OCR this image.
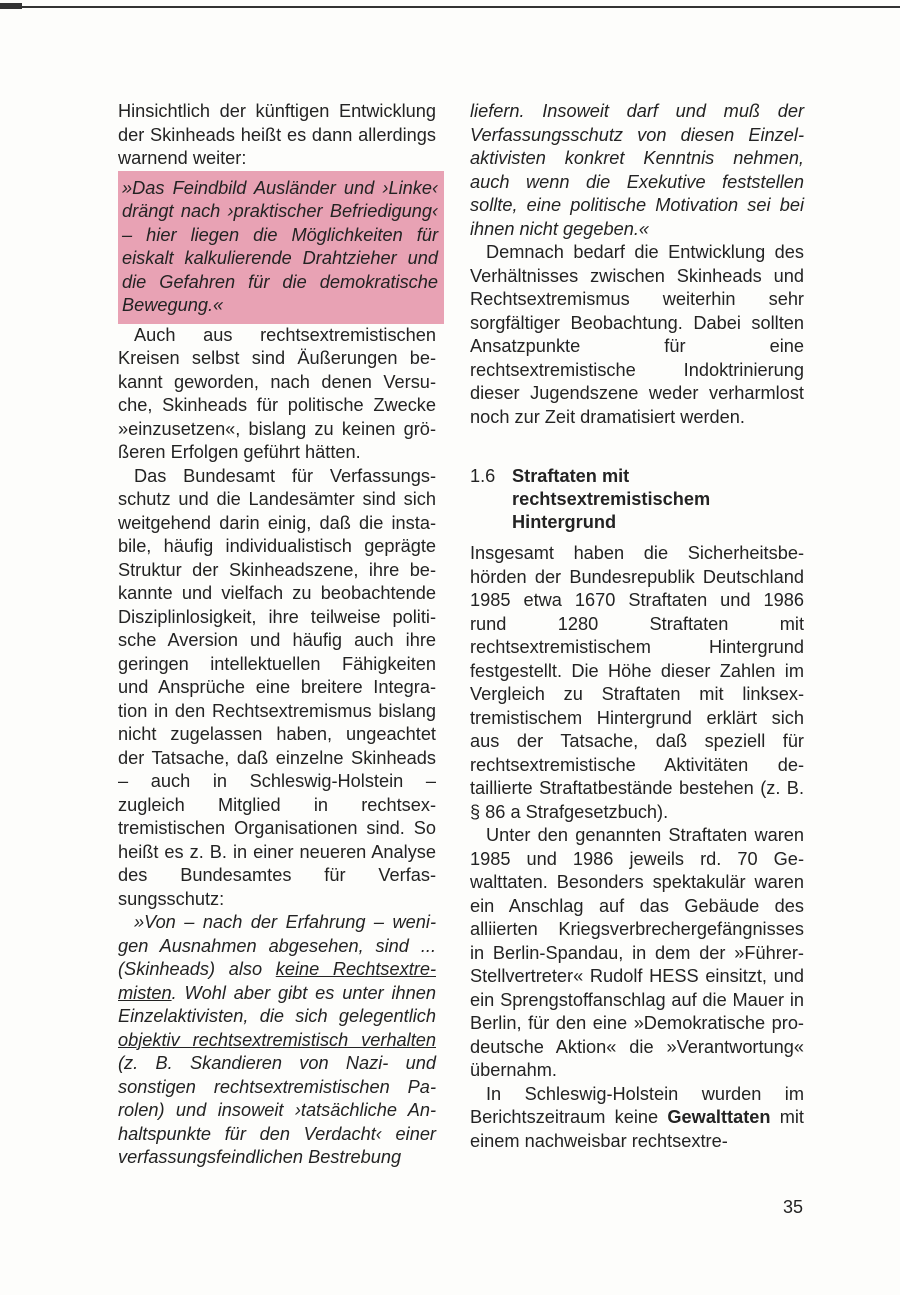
Hinsichtlich der künftigen Entwicklung der Skinheads heißt es dann allerdings warnend weiter:

»Das Feindbild Ausländer und ›Linke‹ drängt nach ›praktischer Befriedigung‹ – hier liegen die Möglichkeiten für eiskalt kalkulierende Drahtzieher und die Gefahren für die demokratische Bewegung.«

Auch aus rechtsextremistischen Kreisen selbst sind Äußerungen bekannt geworden, nach denen Versuche, Skinheads für politische Zwecke »einzusetzen«, bislang zu keinen größeren Erfolgen geführt hätten.

Das Bundesamt für Verfassungsschutz und die Landesämter sind sich weitgehend darin einig, daß die instabile, häufig individualistisch geprägte Struktur der Skinheadszene, ihre bekannte und vielfach zu beobachtende Disziplinlosigkeit, ihre teilweise politische Aversion und häufig auch ihre geringen intellektuellen Fähigkeiten und Ansprüche eine breitere Integration in den Rechtsextremismus bislang nicht zugelassen haben, ungeachtet der Tatsache, daß einzelne Skinheads – auch in Schleswig-Holstein – zugleich Mitglied in rechtsextremistischen Organisationen sind. So heißt es z. B. in einer neueren Analyse des Bundesamtes für Verfassungsschutz:

»Von – nach der Erfahrung – wenigen Ausnahmen abgesehen, sind ... (Skinheads) also keine Rechtsextremisten. Wohl aber gibt es unter ihnen Einzelaktivisten, die sich gelegentlich objektiv rechtsextremistisch verhalten (z. B. Skandieren von Nazi- und sonstigen rechtsextremistischen Parolen) und insoweit ›tatsächliche Anhaltspunkte für den Verdacht‹ einer verfassungsfeindlichen Bestrebung

liefern. Insoweit darf und muß der Verfassungsschutz von diesen Einzelaktivisten konkret Kenntnis nehmen, auch wenn die Exekutive feststellen sollte, eine politische Motivation sei bei ihnen nicht gegeben.«

Demnach bedarf die Entwicklung des Verhältnisses zwischen Skinheads und Rechtsextremismus weiterhin sehr sorgfältiger Beobachtung. Dabei sollten Ansatzpunkte für eine rechtsextremistische Indoktrinierung dieser Jugendszene weder verharmlost noch zur Zeit dramatisiert werden.

1.6 Straftaten mit
rechtsextremistischem
Hintergrund

Insgesamt haben die Sicherheitsbehörden der Bundesrepublik Deutschland 1985 etwa 1670 Straftaten und 1986 rund 1280 Straftaten mit rechtsextremistischem Hintergrund festgestellt. Die Höhe dieser Zahlen im Vergleich zu Straftaten mit linksextremistischem Hintergrund erklärt sich aus der Tatsache, daß speziell für rechtsextremistische Aktivitäten detaillierte Straftatbestände bestehen (z. B. § 86 a Strafgesetzbuch).

Unter den genannten Straftaten waren 1985 und 1986 jeweils rd. 70 Gewalttaten. Besonders spektakulär waren ein Anschlag auf das Gebäude des alliierten Kriegsverbrechergefängnisses in Berlin-Spandau, in dem der »Führer-Stellvertreter« Rudolf HESS einsitzt, und ein Sprengstoffanschlag auf die Mauer in Berlin, für den eine »Demokratische pro-deutsche Aktion« die »Verantwortung« übernahm.

In Schleswig-Holstein wurden im Berichtszeitraum keine Gewalttaten mit einem nachweisbar rechtsextre-

35
